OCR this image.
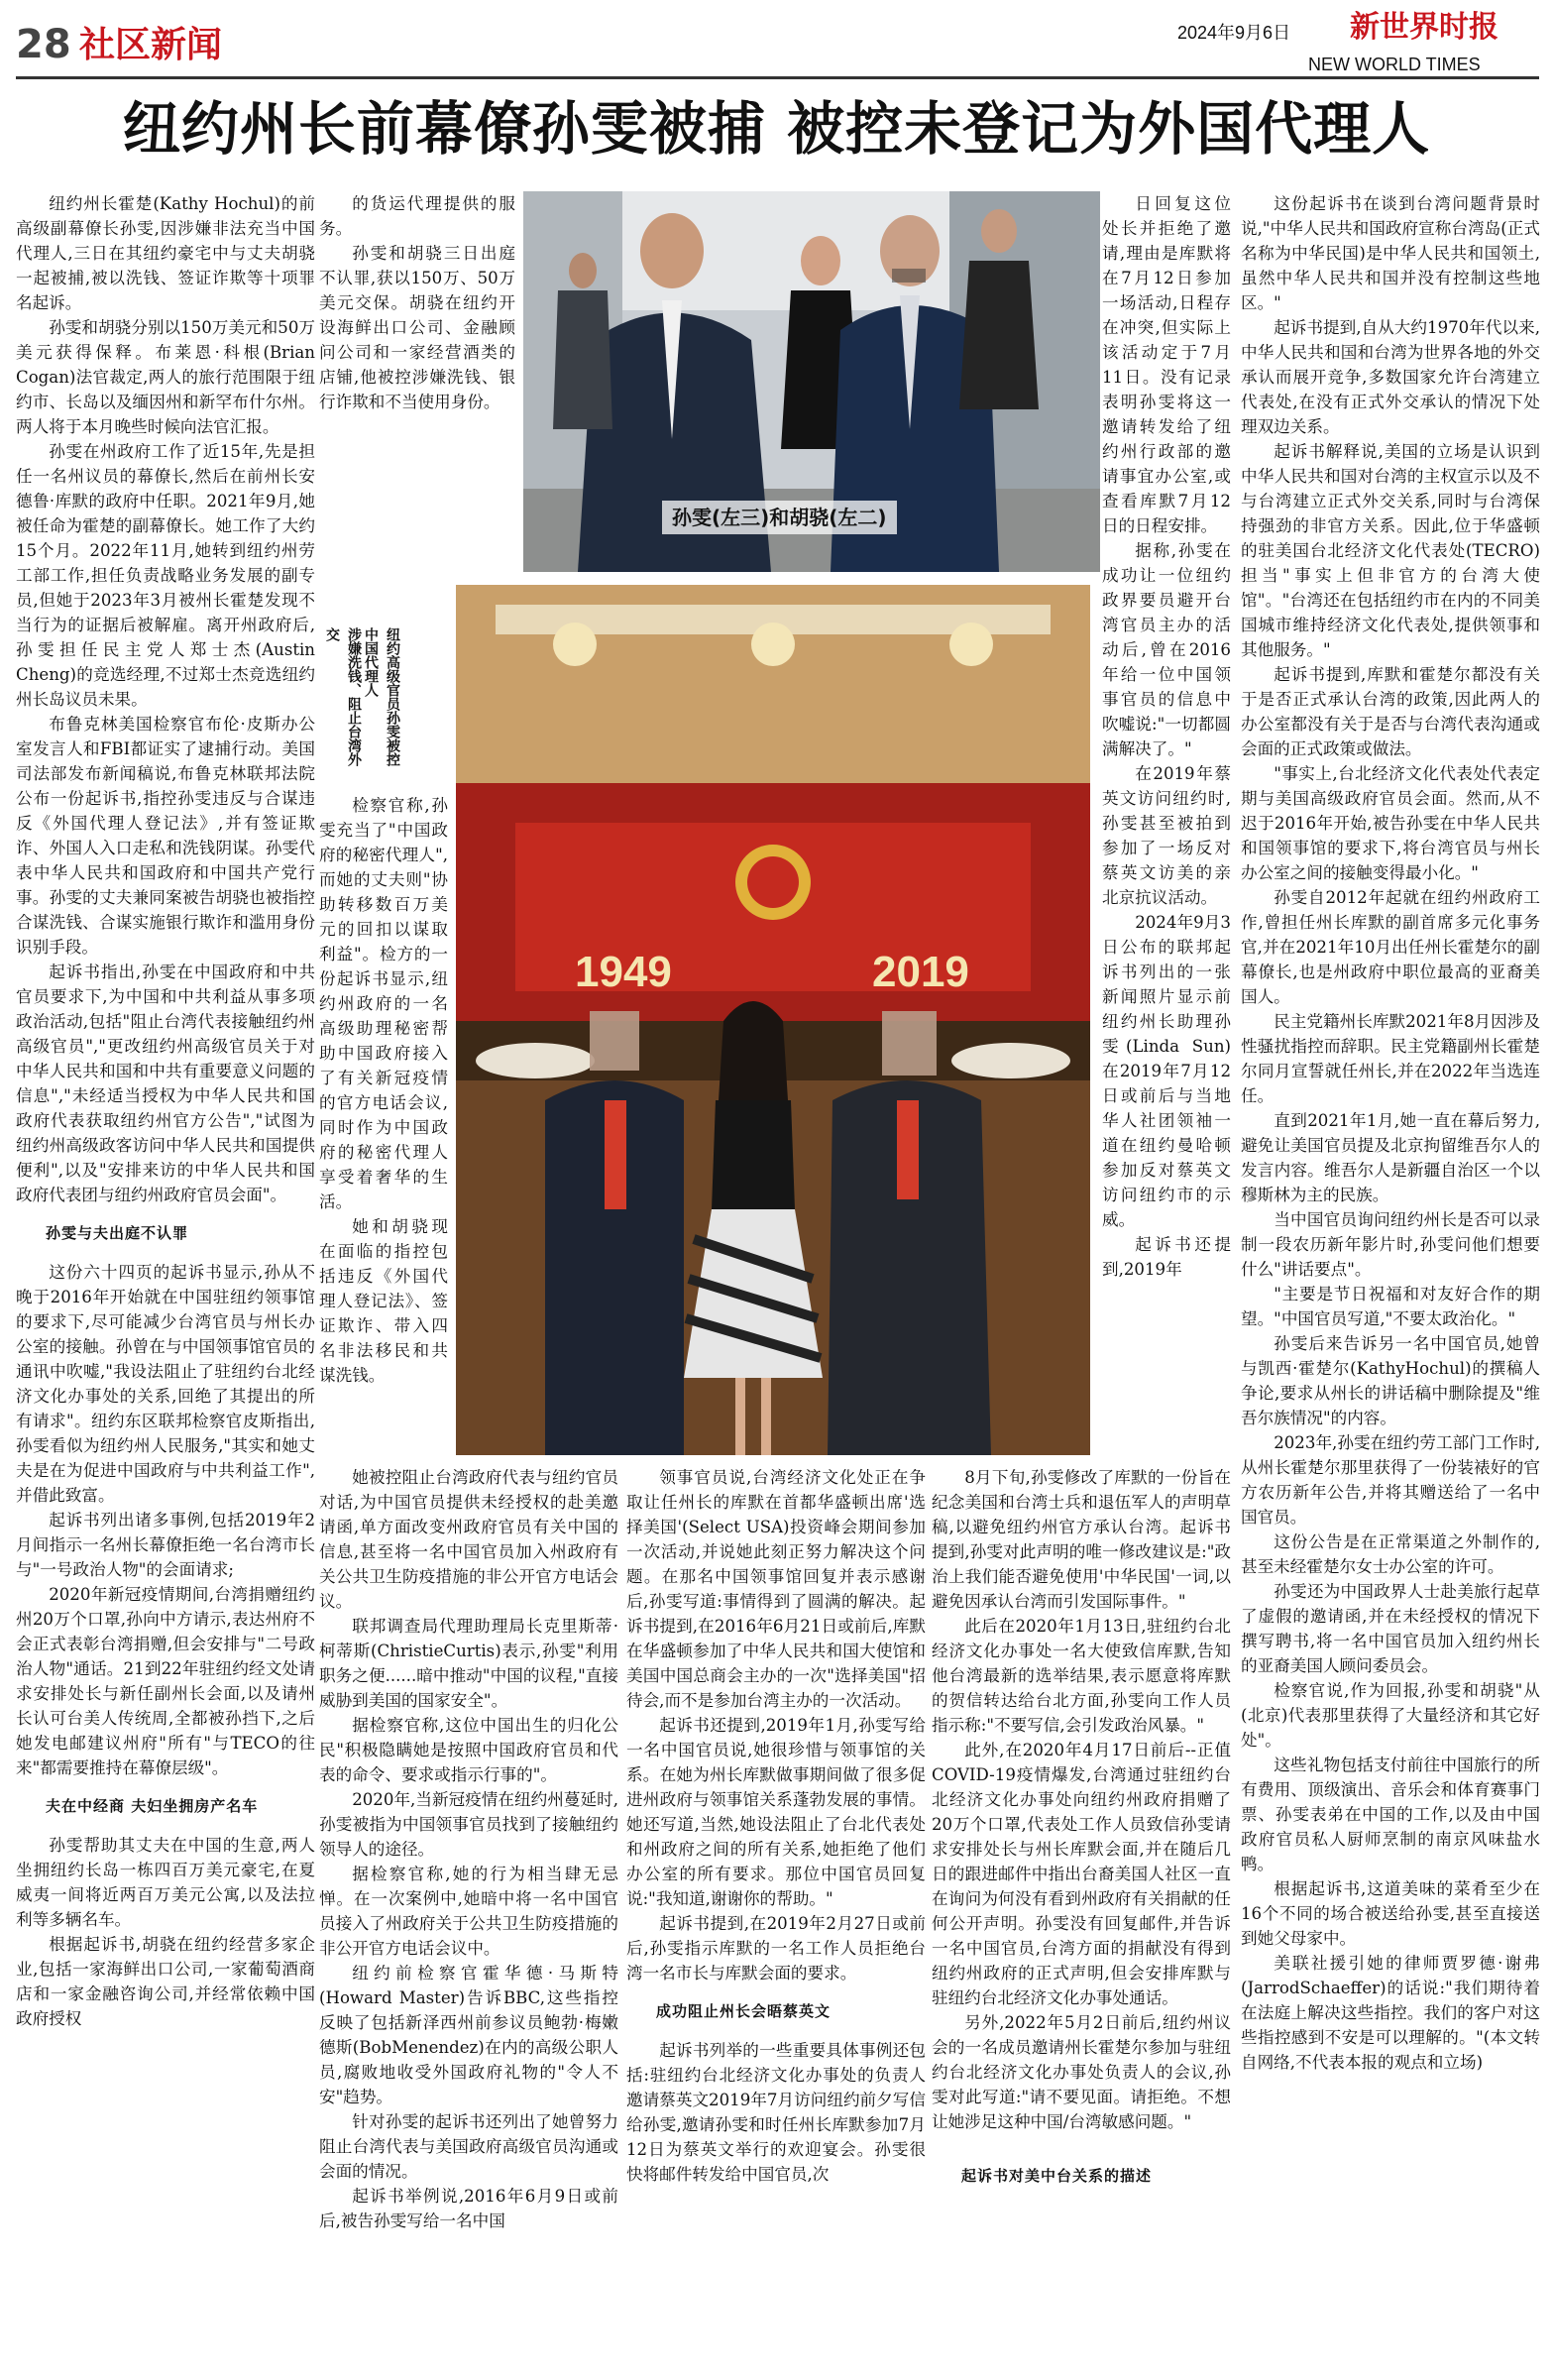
28 社区新闻	2024年9月6日 新世界时报
NEW WORLD TIMES
纽约州长前幕僚孙雯被捕 被控未登记为外国代理人

纽约州长霍楚(Kathy Hochul)的前高级副幕僚长孙雯,因涉嫌非法充当中国代理人,三日在其纽约豪宅中与丈夫胡骁一起被捕,被以洗钱、签证诈欺等十项罪名起诉。

孙雯和胡骁分别以150万美元和50万美元获得保释。布莱恩·科根(Brian Cogan)法官裁定,两人的旅行范围限于纽约市、长岛以及缅因州和新罕布什尔州。两人将于本月晚些时候向法官汇报。

孙雯在州政府工作了近15年,先是担任一名州议员的幕僚长,然后在前州长安德鲁·库默的政府中任职。2021年9月,她被任命为霍楚的副幕僚长。她工作了大约15个月。2022年11月,她转到纽约州劳工部工作,担任负责战略业务发展的副专员,但她于2023年3月被州长霍楚发现不当行为的证据后被解雇。离开州政府后,孙雯担任民主党人郑士杰(Austin Cheng)的竞选经理,不过郑士杰竞选纽约州长岛议员未果。

布鲁克林美国检察官布伦·皮斯办公室发言人和FBI都证实了逮捕行动。美国司法部发布新闻稿说,布鲁克林联邦法院公布一份起诉书,指控孙雯违反与合谋违反《外国代理人登记法》,并有签证欺诈、外国人入口走私和洗钱阴谋。孙雯代表中华人民共和国政府和中国共产党行事。孙雯的丈夫兼同案被告胡骁也被指控合谋洗钱、合谋实施银行欺诈和滥用身份识别手段。

起诉书指出,孙雯在中国政府和中共官员要求下,为中国和中共利益从事多项政治活动,包括"阻止台湾代表接触纽约州高级官员","更改纽约州高级官员关于对中华人民共和国和中共有重要意义问题的信息","未经适当授权为中华人民共和国政府代表获取纽约州官方公告","试图为纽约州高级政客访问中华人民共和国提供便利",以及"安排来访的中华人民共和国政府代表团与纽约州政府官员会面"。

孙雯与夫出庭不认罪

这份六十四页的起诉书显示,孙从不晚于2016年开始就在中国驻纽约领事馆的要求下,尽可能减少台湾官员与州长办公室的接触。孙曾在与中国领事馆官员的通讯中吹嘘,"我设法阻止了驻纽约台北经济文化办事处的关系,回绝了其提出的所有请求"。纽约东区联邦检察官皮斯指出,孙雯看似为纽约州人民服务,"其实和她丈夫是在为促进中国政府与中共利益工作",并借此致富。

起诉书列出诸多事例,包括2019年2月间指示一名州长幕僚拒绝一名台湾市长与"一号政治人物"的会面请求;

2020年新冠疫情期间,台湾捐赠纽约州20万个口罩,孙向中方请示,表达州府不会正式表彰台湾捐赠,但会安排与"二号政治人物"通话。21到22年驻纽约经文处请求安排处长与新任副州长会面,以及请州长认可台美人传统周,全都被孙挡下,之后她发电邮建议州府"所有"与TECO的往来"都需要推持在幕僚层级"。

夫在中经商 夫妇坐拥房产名车

孙雯帮助其丈夫在中国的生意,两人坐拥纽约长岛一栋四百万美元豪宅,在夏威夷一间将近两百万美元公寓,以及法拉利等多辆名车。

根据起诉书,胡骁在纽约经营多家企业,包括一家海鲜出口公司,一家葡萄酒商店和一家金融咨询公司,并经常依赖中国政府授权

的货运代理提供的服务。

孙雯和胡骁三日出庭不认罪,获以150万、50万美元交保。胡骁在纽约开设海鲜出口公司、金融顾问公司和一家经营酒类的店铺,他被控涉嫌洗钱、银行诈欺和不当使用身份。

纽约高级官员孙雯被控中国代理人
涉嫌洗钱、阻止台湾外交

检察官称,孙雯充当了"中国政府的秘密代理人",而她的丈夫则"协助转移数百万美元的回扣以谋取利益"。检方的一份起诉书显示,纽约州政府的一名高级助理秘密帮助中国政府接入了有关新冠疫情的官方电话会议,同时作为中国政府的秘密代理人享受着奢华的生活。

她和胡骁现在面临的指控包括违反《外国代理人登记法》、签证欺诈、带入四名非法移民和共谋洗钱。

她被控阻止台湾政府代表与纽约官员对话,为中国官员提供未经授权的赴美邀请函,单方面改变州政府官员有关中国的信息,甚至将一名中国官员加入州政府有关公共卫生防疫措施的非公开官方电话会议。

联邦调查局代理助理局长克里斯蒂·柯蒂斯(ChristieCurtis)表示,孙雯"利用职务之便......暗中推动"中国的议程,"直接威胁到美国的国家安全"。

据检察官称,这位中国出生的归化公民"积极隐瞒她是按照中国政府官员和代表的命令、要求或指示行事的"。

2020年,当新冠疫情在纽约州蔓延时,孙雯被指为中国领事官员找到了接触纽约领导人的途径。

据检察官称,她的行为相当肆无忌惮。在一次案例中,她暗中将一名中国官员接入了州政府关于公共卫生防疫措施的非公开官方电话会议中。

纽约前检察官霍华德·马斯特(Howard Master)告诉BBC,这些指控反映了包括新泽西州前参议员鲍勃·梅嫩德斯(BobMenendez)在内的高级公职人员,腐败地收受外国政府礼物的"令人不安"趋势。

针对孙雯的起诉书还列出了她曾努力阻止台湾代表与美国政府高级官员沟通或会面的情况。

起诉书举例说,2016年6月9日或前后,被告孙雯写给一名中国

领事官员说,台湾经济文化处正在争取让任州长的库默在首都华盛顿出席'选择美国'(Select USA)投资峰会期间参加一次活动,并说她此刻正努力解决这个问题。在那名中国领事馆回复并表示感谢后,孙雯写道:事情得到了圆满的解决。起诉书提到,在2016年6月21日或前后,库默在华盛顿参加了中华人民共和国大使馆和美国中国总商会主办的一次"选择美国"招待会,而不是参加台湾主办的一次活动。

起诉书还提到,2019年1月,孙雯写给一名中国官员说,她很珍惜与领事馆的关系。在她为州长库默做事期间做了很多促进州政府与领事馆关系蓬勃发展的事情。她还写道,当然,她设法阻止了台北代表处和州政府之间的所有关系,她拒绝了他们办公室的所有要求。那位中国官员回复说:"我知道,谢谢你的帮助。"

起诉书提到,在2019年2月27日或前后,孙雯指示库默的一名工作人员拒绝台湾一名市长与库默会面的要求。

成功阻止州长会晤蔡英文

起诉书列举的一些重要具体事例还包括:驻纽约台北经济文化办事处的负责人邀请蔡英文2019年7月访问纽约前夕写信给孙雯,邀请孙雯和时任州长库默参加7月12日为蔡英文举行的欢迎宴会。孙雯很快将邮件转发给中国官员,次

日回复这位处长并拒绝了邀请,理由是库默将在7月12日参加一场活动,日程存在冲突,但实际上该活动定于7月11日。没有记录表明孙雯将这一邀请转发给了纽约州行政部的邀请事宜办公室,或查看库默7月12日的日程安排。

据称,孙雯在成功让一位纽约政界要员避开台湾官员主办的活动后,曾在2016年给一位中国领事官员的信息中吹嘘说:"一切都圆满解决了。"

在2019年蔡英文访问纽约时,孙雯甚至被拍到参加了一场反对蔡英文访美的亲北京抗议活动。

2024年9月3日公布的联邦起诉书列出的一张新闻照片显示前纽约州长助理孙雯(Linda Sun)在2019年7月12日或前后与当地华人社团领袖一道在纽约曼哈顿参加反对蔡英文访问纽约市的示威。

起诉书还提到,2019年

8月下旬,孙雯修改了库默的一份旨在纪念美国和台湾士兵和退伍军人的声明草稿,以避免纽约州官方承认台湾。起诉书提到,孙雯对此声明的唯一修改建议是:"政治上我们能否避免使用'中华民国'一词,以避免因承认台湾而引发国际事件。"

此后在2020年1月13日,驻纽约台北经济文化办事处一名大使致信库默,告知他台湾最新的选举结果,表示愿意将库默的贺信转达给台北方面,孙雯向工作人员指示称:"不要写信,会引发政治风暴。"

此外,在2020年4月17日前后--正值COVID-19疫情爆发,台湾通过驻纽约台北经济文化办事处向纽约州政府捐赠了20万个口罩,代表处工作人员致信孙雯请求安排处长与州长库默会面,并在随后几日的跟进邮件中指出台裔美国人社区一直在询问为何没有看到州政府有关捐献的任何公开声明。孙雯没有回复邮件,并告诉一名中国官员,台湾方面的捐献没有得到纽约州政府的正式声明,但会安排库默与驻纽约台北经济文化办事处通话。

另外,2022年5月2日前后,纽约州议会的一名成员邀请州长霍楚尔参加与驻纽约台北经济文化办事处负责人的会议,孙雯对此写道:"请不要见面。请拒绝。不想让她涉足这种中国/台湾敏感问题。"

起诉书对美中台关系的描述

这份起诉书在谈到台湾问题背景时说,"中华人民共和国政府宣称台湾岛(正式名称为中华民国)是中华人民共和国领土,虽然中华人民共和国并没有控制这些地区。"

起诉书提到,自从大约1970年代以来,中华人民共和国和台湾为世界各地的外交承认而展开竞争,多数国家允许台湾建立代表处,在没有正式外交承认的情况下处理双边关系。

起诉书解释说,美国的立场是认识到中华人民共和国对台湾的主权宣示以及不与台湾建立正式外交关系,同时与台湾保持强劲的非官方关系。因此,位于华盛顿的驻美国台北经济文化代表处(TECRO)担当"事实上但非官方的台湾大使馆"。"台湾还在包括纽约市在内的不同美国城市维持经济文化代表处,提供领事和其他服务。"

起诉书提到,库默和霍楚尔都没有关于是否正式承认台湾的政策,因此两人的办公室都没有关于是否与台湾代表沟通或会面的正式政策或做法。

"事实上,台北经济文化代表处代表定期与美国高级政府官员会面。然而,从不迟于2016年开始,被告孙雯在中华人民共和国领事馆的要求下,将台湾官员与州长办公室之间的接触变得最小化。"

孙雯自2012年起就在纽约州政府工作,曾担任州长库默的副首席多元化事务官,并在2021年10月出任州长霍楚尔的副幕僚长,也是州政府中职位最高的亚裔美国人。

民主党籍州长库默2021年8月因涉及性骚扰指控而辞职。民主党籍副州长霍楚尔同月宣誓就任州长,并在2022年当选连任。

直到2021年1月,她一直在幕后努力,避免让美国官员提及北京拘留维吾尔人的发言内容。维吾尔人是新疆自治区一个以穆斯林为主的民族。

当中国官员询问纽约州长是否可以录制一段农历新年影片时,孙雯问他们想要什么"讲话要点"。

"主要是节日祝福和对友好合作的期望。"中国官员写道,"不要太政治化。"

孙雯后来告诉另一名中国官员,她曾与凯西·霍楚尔(KathyHochul)的撰稿人争论,要求从州长的讲话稿中删除提及"维吾尔族情况"的内容。

2023年,孙雯在纽约劳工部门工作时,从州长霍楚尔那里获得了一份装裱好的官方农历新年公告,并将其赠送给了一名中国官员。

这份公告是在正常渠道之外制作的,甚至未经霍楚尔女士办公室的许可。

孙雯还为中国政界人士赴美旅行起草了虚假的邀请函,并在未经授权的情况下撰写聘书,将一名中国官员加入纽约州长的亚裔美国人顾问委员会。

检察官说,作为回报,孙雯和胡骁"从(北京)代表那里获得了大量经济和其它好处"。

这些礼物包括支付前往中国旅行的所有费用、顶级演出、音乐会和体育赛事门票、孙雯表弟在中国的工作,以及由中国政府官员私人厨师烹制的南京风味盐水鸭。

根据起诉书,这道美味的菜肴至少在16个不同的场合被送给孙雯,甚至直接送到她父母家中。

美联社援引她的律师贾罗德·谢弗(JarrodSchaeffer)的话说:"我们期待着在法庭上解决这些指控。我们的客户对这些指控感到不安是可以理解的。"(本文转自网络,不代表本报的观点和立场)

孙雯(左三)和胡骁(左二)
1949	2019
